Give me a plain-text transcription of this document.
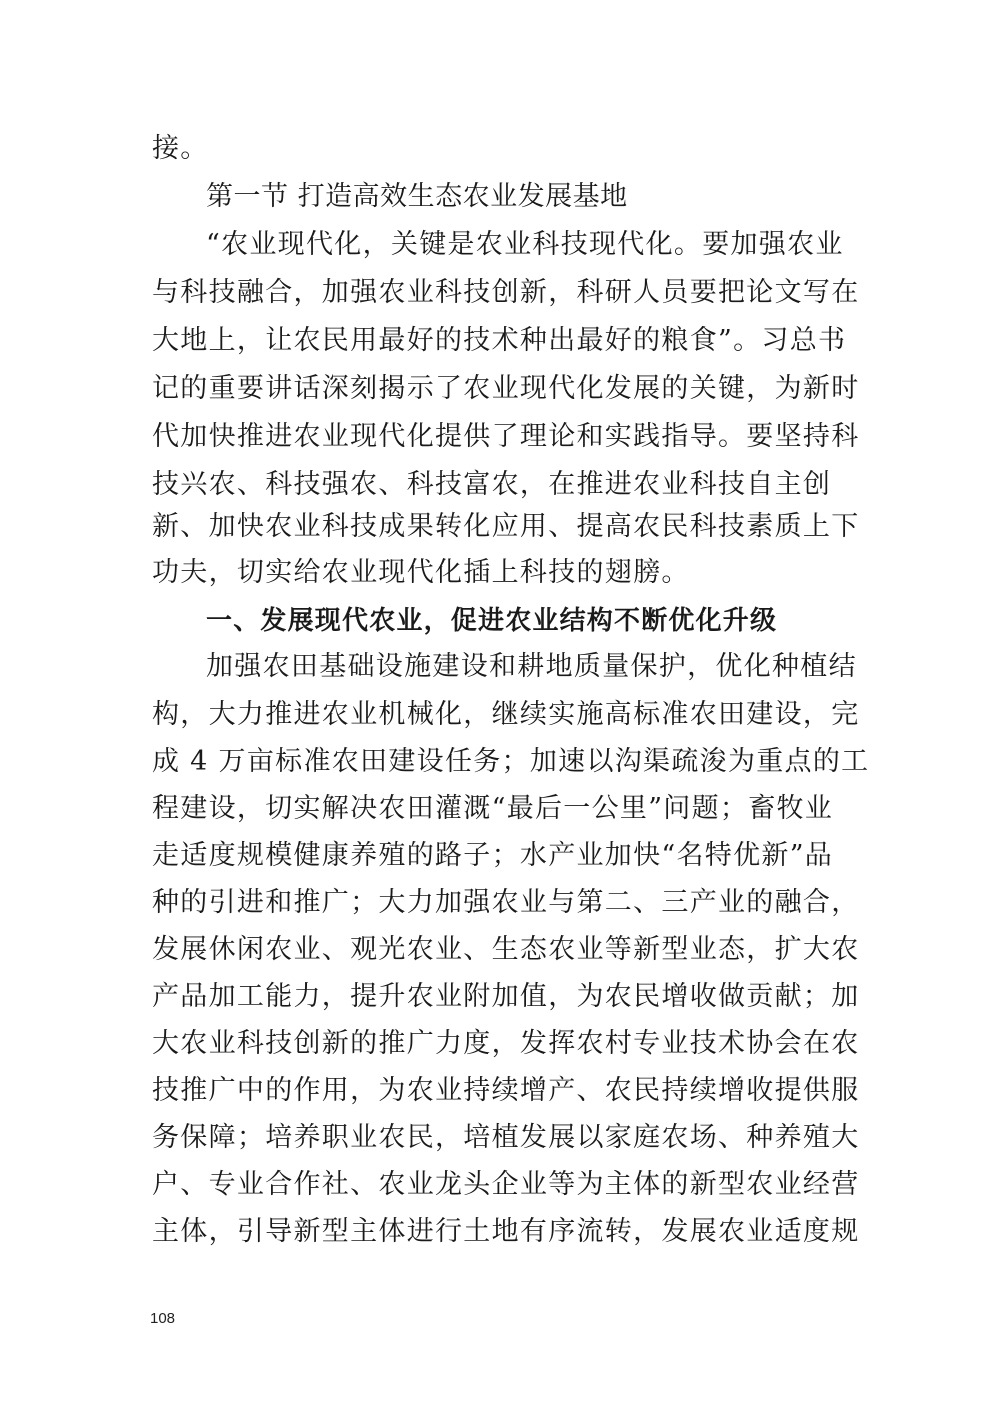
接。
第一节 打造高效生态农业发展基地
“农业现代化，关键是农业科技现代化。要加强农业
与科技融合，加强农业科技创新，科研人员要把论文写在
大地上，让农民用最好的技术种出最好的粮食”。习总书
记的重要讲话深刻揭示了农业现代化发展的关键，为新时
代加快推进农业现代化提供了理论和实践指导。要坚持科
技兴农、科技强农、科技富农，在推进农业科技自主创
新、加快农业科技成果转化应用、提高农民科技素质上下
功夫，切实给农业现代化插上科技的翅膀。
一、发展现代农业，促进农业结构不断优化升级
加强农田基础设施建设和耕地质量保护，优化种植结
构，大力推进农业机械化，继续实施高标准农田建设，完
成 4 万亩标准农田建设任务；加速以沟渠疏浚为重点的工
程建设，切实解决农田灌溉“最后一公里”问题；畜牧业
走适度规模健康养殖的路子；水产业加快“名特优新”品
种的引进和推广；大力加强农业与第二、三产业的融合，
发展休闲农业、观光农业、生态农业等新型业态，扩大农
产品加工能力，提升农业附加值，为农民增收做贡献；加
大农业科技创新的推广力度，发挥农村专业技术协会在农
技推广中的作用，为农业持续增产、农民持续增收提供服
务保障；培养职业农民，培植发展以家庭农场、种养殖大
户、专业合作社、农业龙头企业等为主体的新型农业经营
主体，引导新型主体进行土地有序流转，发展农业适度规
108
